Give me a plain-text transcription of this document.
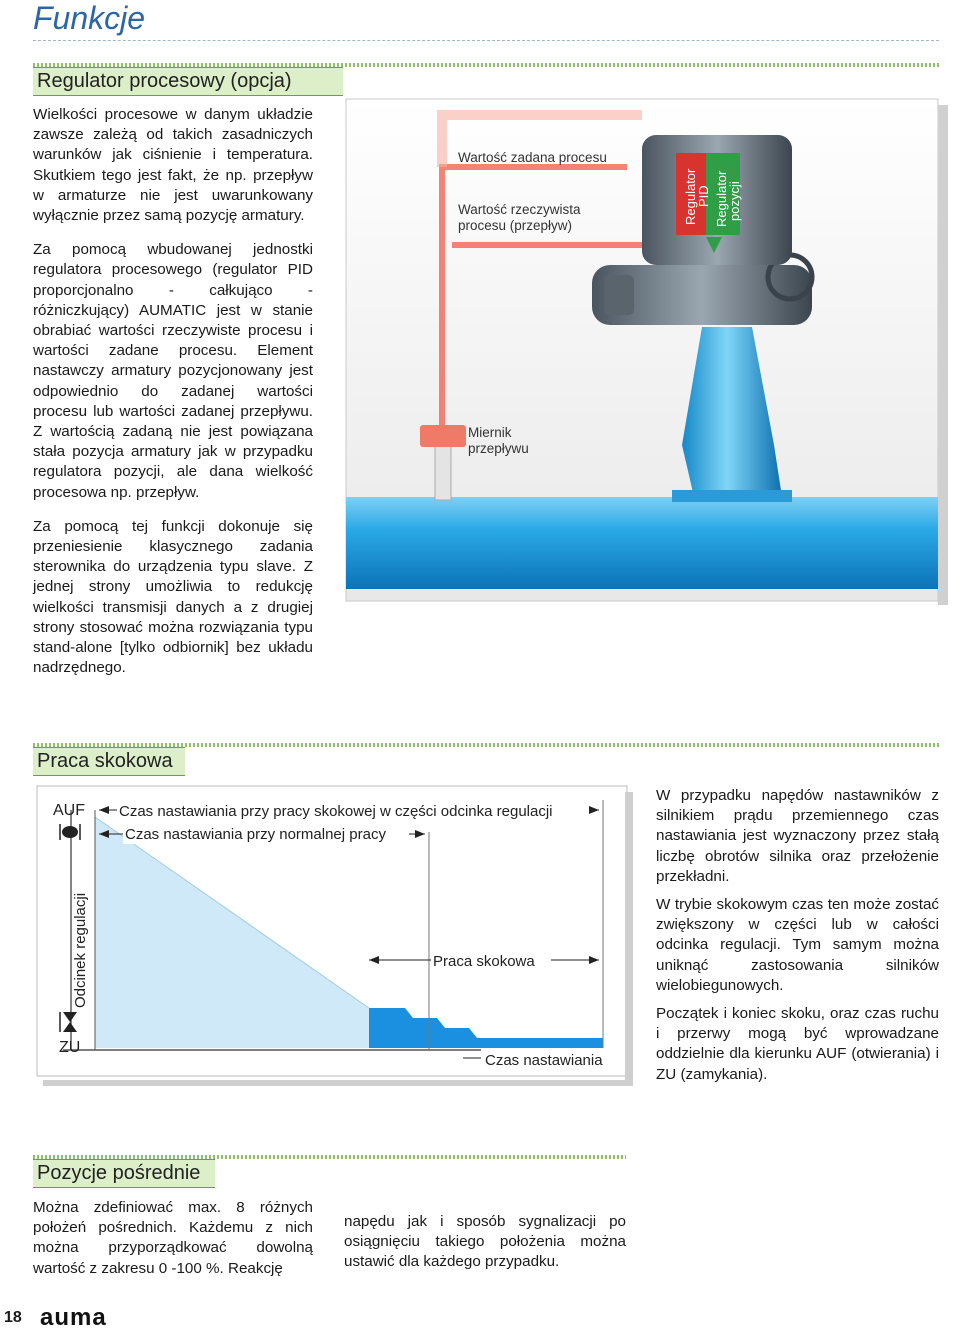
Funkcje
Regulator procesowy (opcja)

Wielkości procesowe w danym układzie zawsze zależą od takich zasadniczych warunków jak ciśnienie i temperatura. Skutkiem tego jest fakt, że np. przepływ w armaturze nie jest uwarunkowany wyłącznie przez samą pozycję armatury.

Za pomocą wbudowanej jednostki regulatora procesowego (regulator PID proporcjonalno - całkująco - różniczkujący) AUMATIC jest w stanie obrabiać wartości rzeczywiste procesu i wartości zadane procesu. Element nastawczy armatury pozycjonowany jest odpowiednio do zadanej wartości procesu lub wartości zadanej przepływu. Z wartością zadaną nie jest powiązana stała pozycja armatury jak w przypadku regulatora pozycji, ale dana wielkość procesowa np. przepływ.

Za pomocą tej funkcji dokonuje się przeniesienie klasycznego zadania sterownika do urządzenia typu slave. Z jednej strony umożliwia to redukcję wielkości transmisji danych a z drugiej strony stosować można rozwiązania typu stand-alone [tylko odbiornik] bez układu nadrzędnego.

Wartość zadana procesu
Wartość rzeczywista
procesu (przepływ)
Miernik
przepływu
Regulator
PID Regulator
pozycji
Praca skokowa
AUF
ZU
Odcinek regulacji
Czas nastawiania przy pracy skokowej w części odcinka regulacji
Czas nastawiania przy normalnej pracy
Praca skokowa
Czas nastawiania

W przypadku napędów nastawników z silnikiem prądu przemiennego czas nastawiania jest wyznaczony przez stałą liczbę obrotów silnika oraz przełożenie przekładni.

W trybie skokowym czas ten może zostać zwiększony w części lub w całości odcinka regulacji. Tym samym można uniknąć zastosowania silników wielobiegunowych.

Początek i koniec skoku, oraz czas ruchu i przerwy mogą być wprowadzane oddzielnie dla kierunku AUF (otwierania) i ZU (zamykania).

Pozycje pośrednie

Można zdefiniować max. 8 różnych położeń pośrednich. Każdemu z nich można przyporządkować dowolną wartość z zakresu 0 -100 %. Reakcję

napędu jak i sposób sygnalizacji po osiągnięciu takiego położenia można ustawić dla każdego przypadku.

18 auma
